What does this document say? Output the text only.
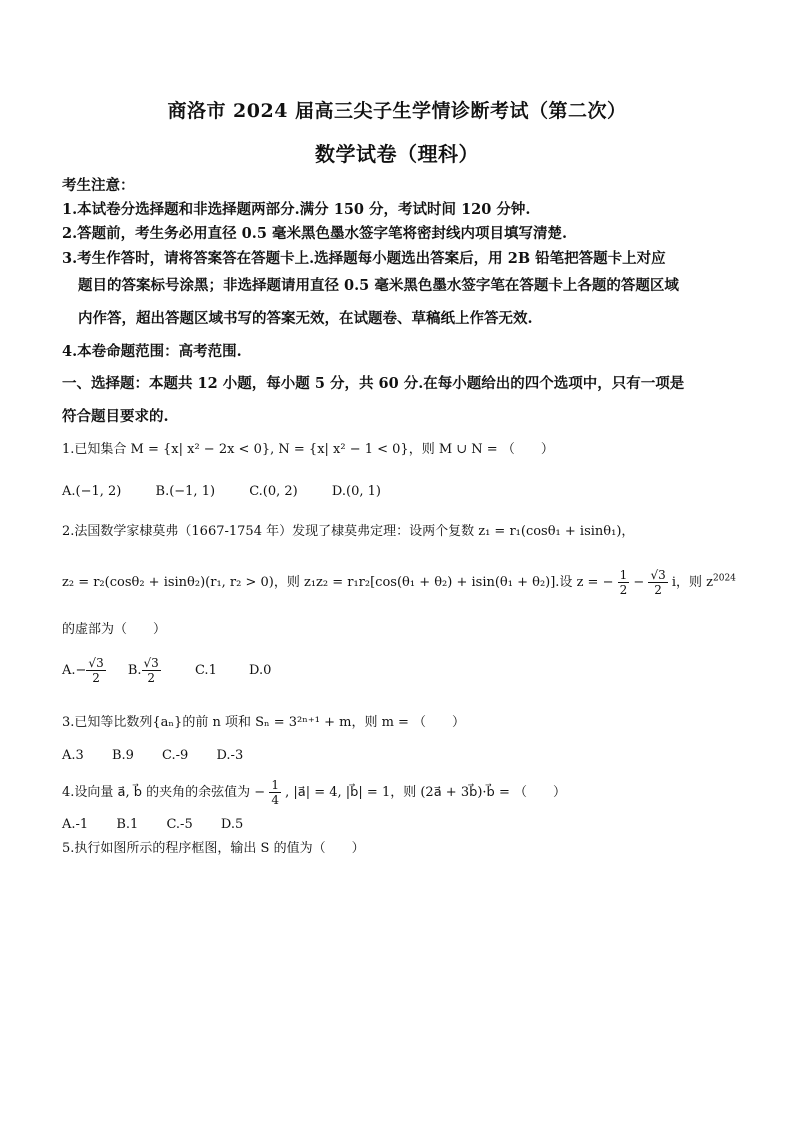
商洛市 2024 届高三尖子生学情诊断考试（第二次）
数学试卷（理科）
考生注意：
1.本试卷分选择题和非选择题两部分.满分 150 分，考试时间 120 分钟.
2.答题前，考生务必用直径 0.5 毫米黑色墨水签字笔将密封线内项目填写清楚.
3.考生作答时，请将答案答在答题卡上.选择题每小题选出答案后，用 2B 铅笔把答题卡上对应
题目的答案标号涂黑；非选择题请用直径 0.5 毫米黑色墨水签字笔在答题卡上各题的答题区域
内作答，超出答题区域书写的答案无效，在试题卷、草稿纸上作答无效.
4.本卷命题范围：高考范围.
一、选择题：本题共 12 小题，每小题 5 分，共 60 分.在每小题给出的四个选项中，只有一项是
符合题目要求的.
1.已知集合 M = {x| x² − 2x < 0}, N = {x| x² − 1 < 0}，则 M ∪ N = （　　）
A.(−1, 2)	B.(−1, 1)	C.(0, 2)	D.(0, 1)
2.法国数学家棣莫弗（1667-1754 年）发现了棣莫弗定理：设两个复数 z₁ = r₁(cosθ₁ + isinθ₁)，
z₂ = r₂(cosθ₂ + isinθ₂)(r₁, r₂ > 0)，则 z₁z₂ = r₁r₂[cos(θ₁ + θ₂) + isin(θ₁ + θ₂)].设 z = − $\frac{1}{2} - \frac{√3}{2}$ i，则 $z^{2024}$
的虚部为（　　）
$A.- \frac{√3}{2} B$. $\frac{√3}{2}$	C.1 D.0
3.已知等比数列{aₙ}的前 n 项和 Sₙ = 3²ⁿ⁺¹ + m，则 m = （　　）
A.3 B.9 C.-9 D.-3
4.设向量 a⃗, b⃗ 的夹角的余弦值为 − $\frac{1}{4}$ , |a⃗| = 4, |b⃗| = 1，则 (2a⃗ + 3b⃗)·b⃗ = （　　）
A.-1 B.1 C.-5 D.5
5.执行如图所示的程序框图，输出 S 的值为（　　）
